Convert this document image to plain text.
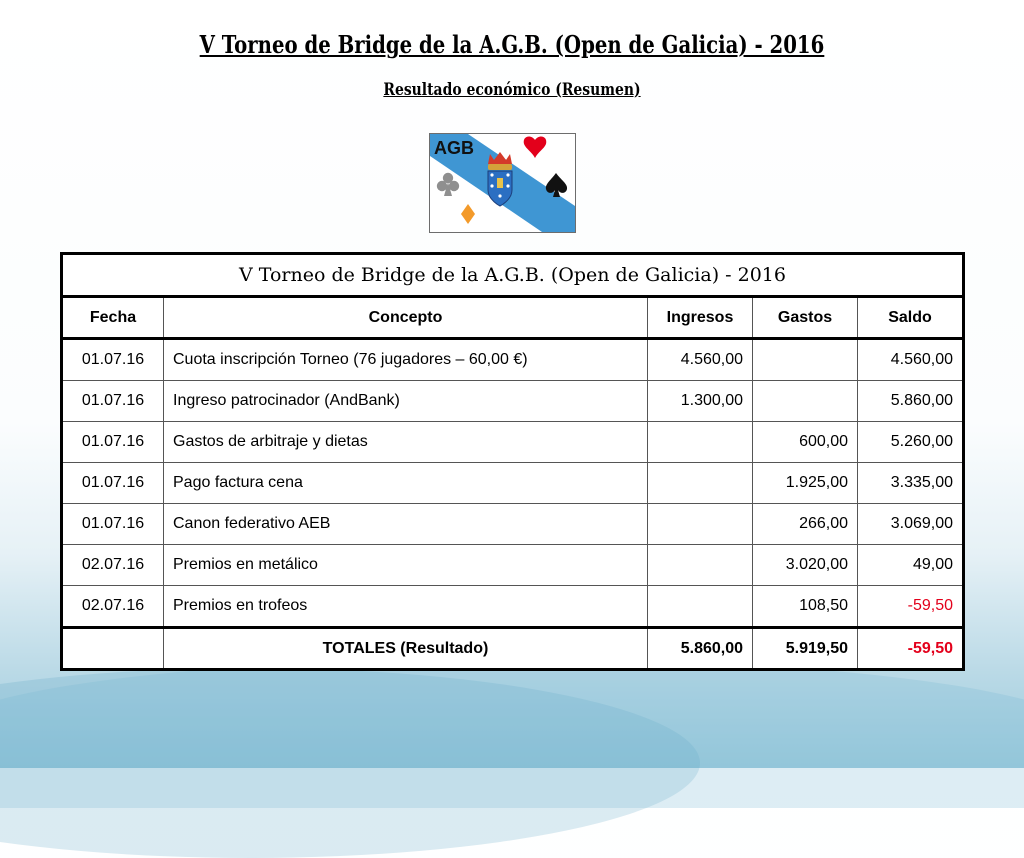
V Torneo de Bridge de la A.G.B. (Open de Galicia) - 2016
Resultado económico (Resumen)
AGB
V Torneo de Bridge de la A.G.B. (Open de Galicia) - 2016				
Fecha	Concepto	Ingresos	Gastos	Saldo
01.07.16	Cuota inscripción Torneo (76 jugadores – 60,00 €)	4.560,00		4.560,00
01.07.16	Ingreso patrocinador (AndBank)	1.300,00		5.860,00
01.07.16	Gastos de arbitraje y dietas		600,00	5.260,00
01.07.16	Pago factura cena		1.925,00	3.335,00
01.07.16	Canon federativo AEB		266,00	3.069,00
02.07.16	Premios en metálico		3.020,00	49,00
02.07.16	Premios en trofeos		108,50	-59,50
	TOTALES (Resultado)	5.860,00	5.919,50	-59,50
